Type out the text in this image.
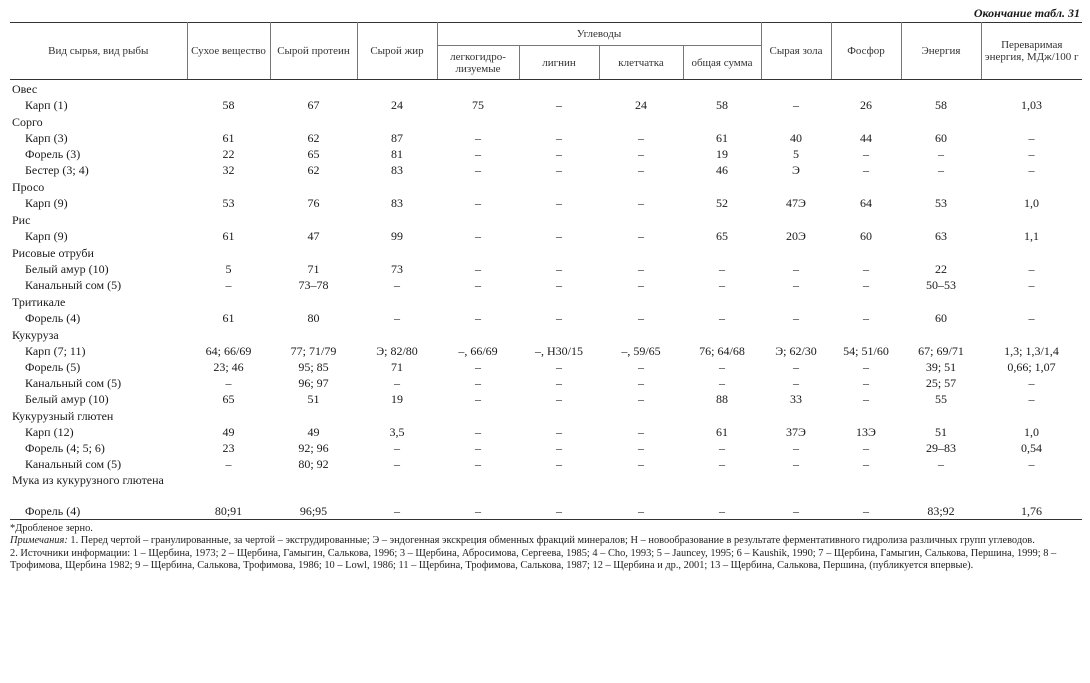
Окончание табл. 31
Вид сырья, вид рыбы	Сухое вещество	Сырой протеин	Сырой жир	Углеводы				Сырая зола	Фосфор	Энергия	Переваримая энергия, МДж/100 г
				легкогидро-лизуемые	лигнин	клетчатка	общая сумма				
Овес											
Карп (1)	58	67	24	75	–	24	58	–	26	58	1,03
Сорго											
Карп (3)	61	62	87	–	–	–	61	40	44	60	–
Форель (3)	22	65	81	–	–	–	19	5	–	–	–
Бестер (3; 4)	32	62	83	–	–	–	46	Э	–	–	–
Просо											
Карп (9)	53	76	83	–	–	–	52	47Э	64	53	1,0
Рис											
Карп (9)	61	47	99	–	–	–	65	20Э	60	63	1,1
Рисовые отруби											
Белый амур (10)	5	71	73	–	–	–	–	–	–	22	–
Канальный сом (5)	–	73–78	–	–	–	–	–	–	–	50–53	–
Тритикале											
Форель (4)	61	80	–	–	–	–	–	–	–	60	–
Кукуруза											
Карп (7; 11)	64; 66/69	77; 71/79	Э; 82/80	–, 66/69	–, Н30/15	–, 59/65	76; 64/68	Э; 62/30	54; 51/60	67; 69/71	1,3; 1,3/1,4
Форель (5)	23; 46	95; 85	71	–	–	–	–	–	–	39; 51	0,66; 1,07
Канальный сом (5)	–	96; 97	–	–	–	–	–	–	–	25; 57	–
Белый амур (10)	65	51	19	–	–	–	88	33	–	55	–
Кукурузный глютен											
Карп (12)	49	49	3,5	–	–	–	61	37Э	13Э	51	1,0
Форель (4; 5; 6)	23	92; 96	–	–	–	–	–	–	–	29–83	0,54
Канальный сом (5)	–	80; 92	–	–	–	–	–	–	–	–	–
Мука из кукурузного глютена											
Форель (4)	80;91	96;95	–	–	–	–	–	–	–	83;92	1,76

*Дробленое зерно.

Примечания: 1. Перед чертой – гранулированные, за чертой – экструдированные; Э – эндогенная экскреция обменных фракций минералов; Н – новообразование в результате ферментативного гидролиза различных групп углеводов.

2. Источники информации: 1 – Щербина, 1973; 2 – Щербина, Гамыгин, Салькова, 1996; 3 – Щербина, Абросимова, Сергеева, 1985; 4 – Cho, 1993; 5 – Jauncey, 1995; 6 – Kaushik, 1990; 7 – Щербина, Гамыгин, Салькова, Першина, 1999; 8 – Трофимова, Щербина 1982; 9 – Щербина, Салькова, Трофимова, 1986; 10 – Lowl, 1986; 11 – Щербина, Трофимова, Салькова, 1987; 12 – Щербина и др., 2001; 13 – Щербина, Салькова, Першина, (публикуется впервые).
